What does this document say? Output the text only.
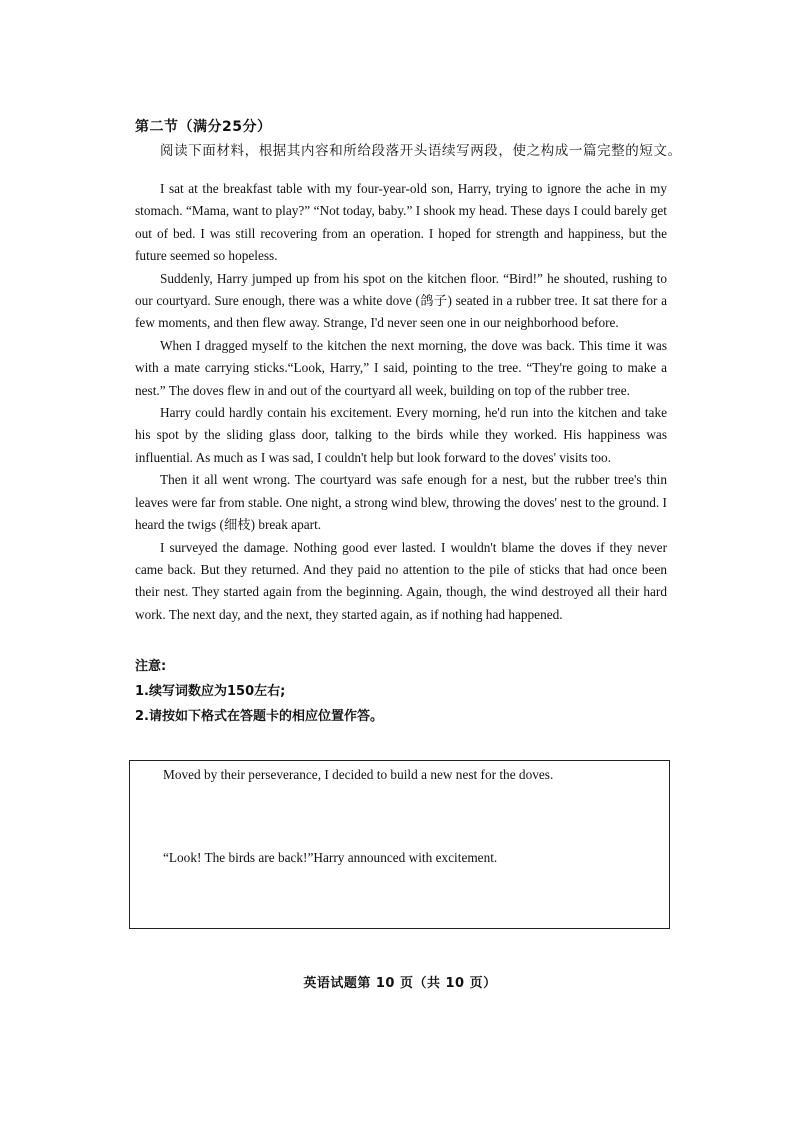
第二节（满分25分）
阅读下面材料，根据其内容和所给段落开头语续写两段，使之构成一篇完整的短文。

I sat at the breakfast table with my four-year-old son, Harry, trying to ignore the ache in my stomach. “Mama, want to play?” “Not today, baby.” I shook my head. These days I could barely get out of bed. I was still recovering from an operation. I hoped for strength and happiness, but the future seemed so hopeless.

Suddenly, Harry jumped up from his spot on the kitchen floor. “Bird!” he shouted, rushing to our courtyard. Sure enough, there was a white dove (鸽子) seated in a rubber tree. It sat there for a few moments, and then flew away. Strange, I'd never seen one in our neighborhood before.

When I dragged myself to the kitchen the next morning, the dove was back. This time it was with a mate carrying sticks.“Look, Harry,” I said, pointing to the tree. “They're going to make a nest.” The doves flew in and out of the courtyard all week, building on top of the rubber tree.

Harry could hardly contain his excitement. Every morning, he'd run into the kitchen and take his spot by the sliding glass door, talking to the birds while they worked. His happiness was influential. As much as I was sad, I couldn't help but look forward to the doves' visits too.

Then it all went wrong. The courtyard was safe enough for a nest, but the rubber tree's thin leaves were far from stable. One night, a strong wind blew, throwing the doves' nest to the ground. I heard the twigs (细枝) break apart.

I surveyed the damage. Nothing good ever lasted. I wouldn't blame the doves if they never came back. But they returned. And they paid no attention to the pile of sticks that had once been their nest. They started again from the beginning. Again, though, the wind destroyed all their hard work. The next day, and the next, they started again, as if nothing had happened.

注意:
1.续写词数应为150左右;
2.请按如下格式在答题卡的相应位置作答。
Moved by their perseverance, I decided to build a new nest for the doves.
“Look! The birds are back!”Harry announced with excitement.
英语试题第 10 页（共 10 页）
